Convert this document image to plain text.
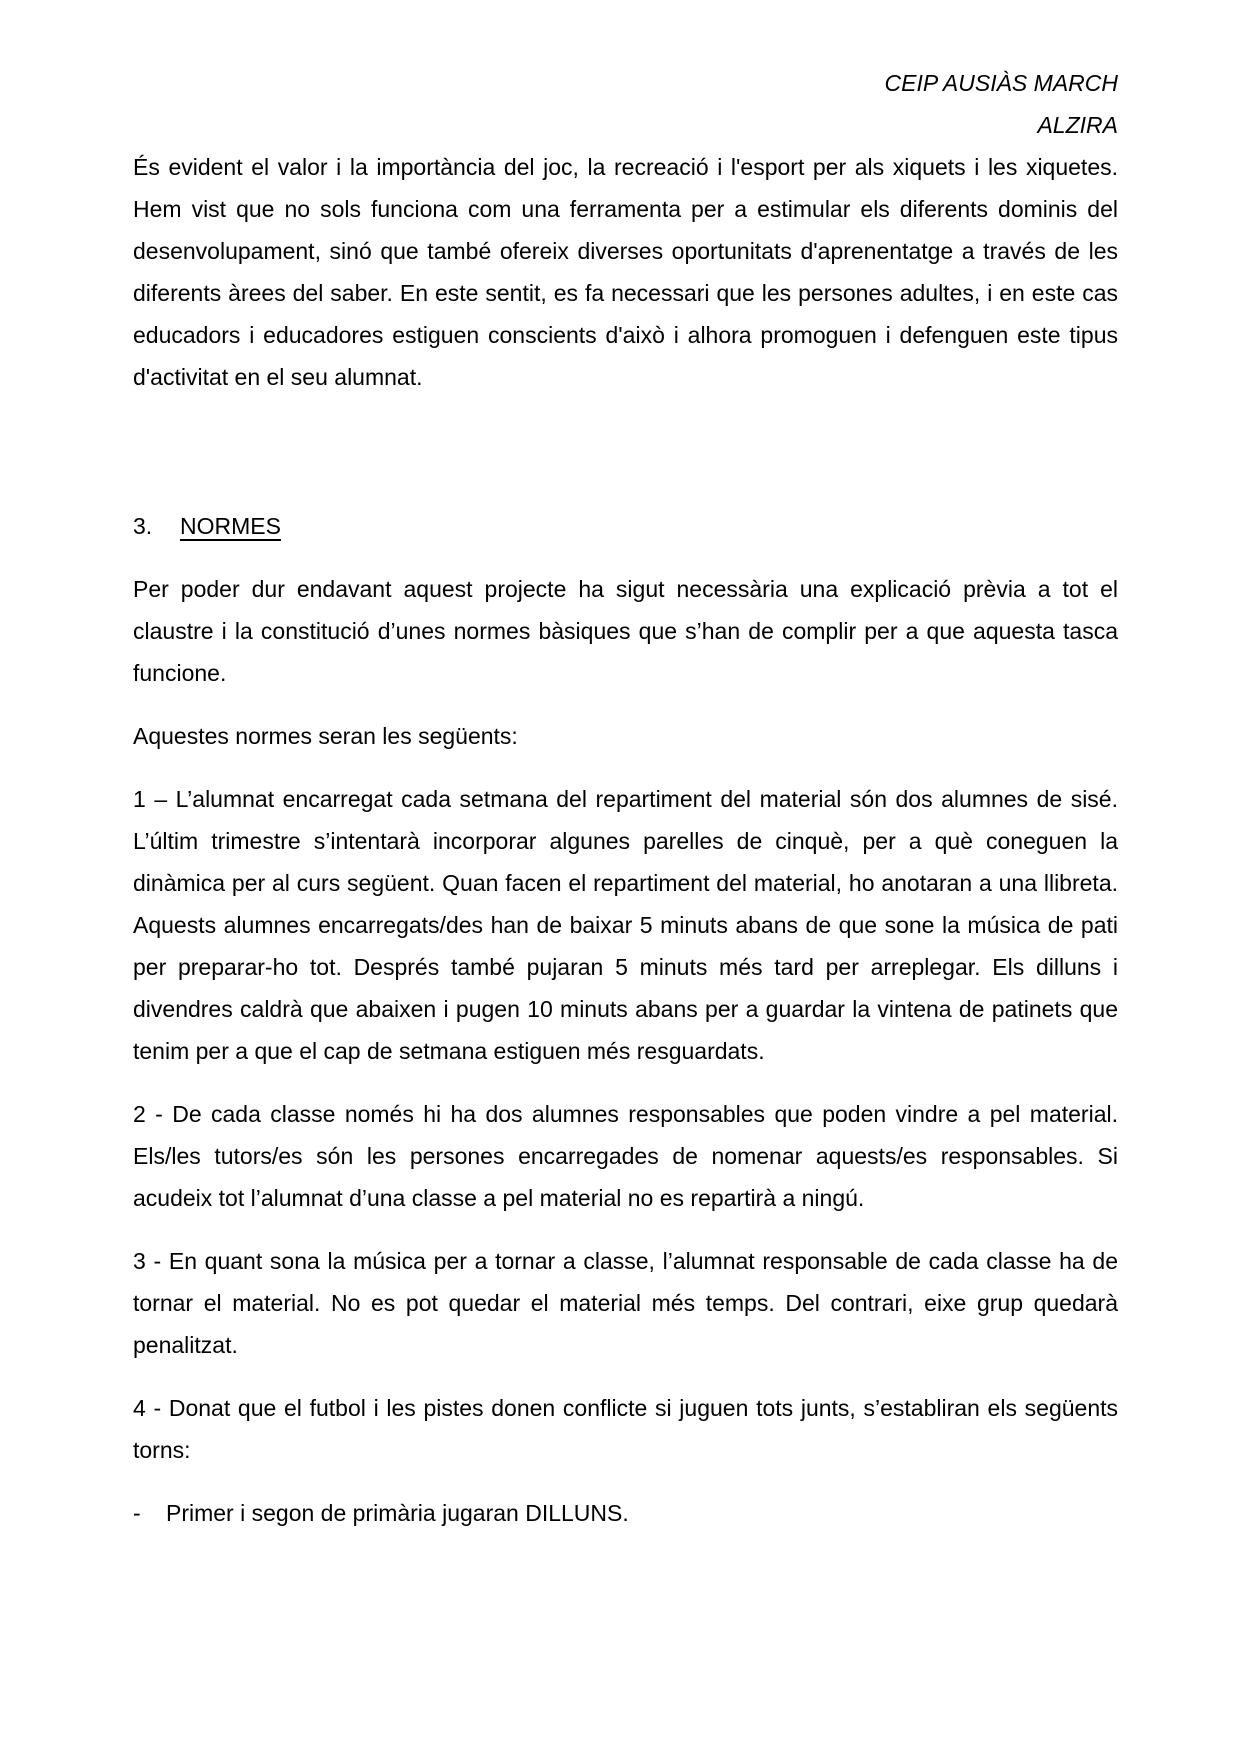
CEIP AUSIÀS MARCH
ALZIRA

És evident el valor i la importància del joc, la recreació i l'esport per als xiquets i les xiquetes. Hem vist que no sols funciona com una ferramenta per a estimular els diferents dominis del desenvolupament, sinó que també ofereix diverses oportunitats d'aprenentatge a través de les diferents àrees del saber. En este sentit, es fa necessari que les persones adultes, i en este cas educadors i educadores estiguen conscients d'això i alhora promoguen i defenguen este tipus d'activitat en el seu alumnat.

3. NORMES

Per poder dur endavant aquest projecte ha sigut necessària una explicació prèvia a tot el claustre i la constitució d’unes normes bàsiques que s’han de complir per a que aquesta tasca funcione.

Aquestes normes seran les següents:

1 – L’alumnat encarregat cada setmana del repartiment del material són dos alumnes de sisé. L’últim trimestre s’intentarà incorporar algunes parelles de cinquè, per a què coneguen la dinàmica per al curs següent. Quan facen el repartiment del material, ho anotaran a una llibreta. Aquests alumnes encarregats/des han de baixar 5 minuts abans de que sone la música de pati per preparar-ho tot. Després també pujaran 5 minuts més tard per arreplegar. Els dilluns i divendres caldrà que abaixen i pugen 10 minuts abans per a guardar la vintena de patinets que tenim per a que el cap de setmana estiguen més resguardats.

2 - De cada classe només hi ha dos alumnes responsables que poden vindre a pel material. Els/les tutors/es són les persones encarregades de nomenar aquests/es responsables. Si acudeix tot l’alumnat d’una classe a pel material no es repartirà a ningú.

3 - En quant sona la música per a tornar a classe, l’alumnat responsable de cada classe ha de tornar el material. No es pot quedar el material més temps. Del contrari, eixe grup quedarà penalitzat.

4 - Donat que el futbol i les pistes donen conflicte si juguen tots junts, s’establiran els següents torns:

-	Primer i segon de primària jugaran DILLUNS.
